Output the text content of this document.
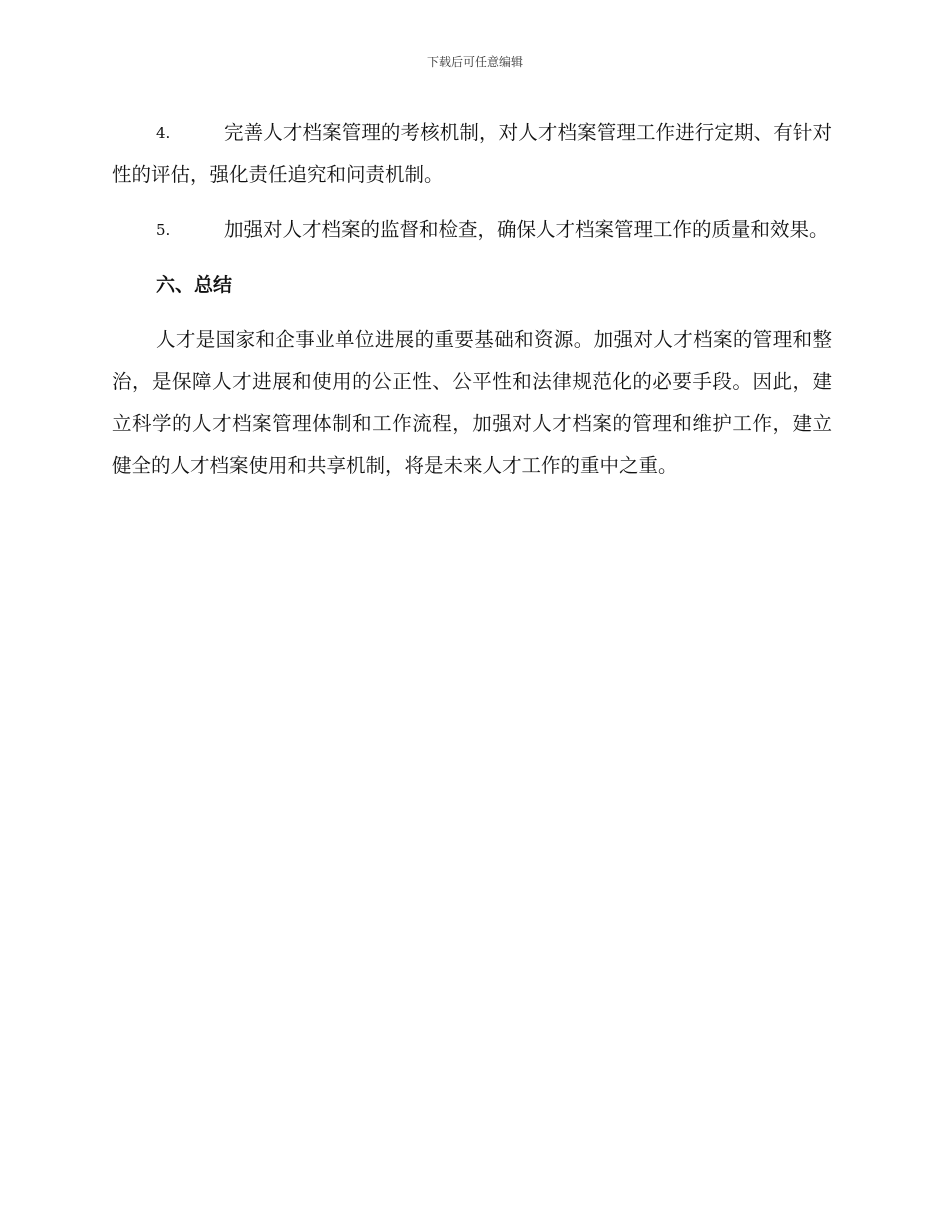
下载后可任意编辑
4.	完善人才档案管理的考核机制，对人才档案管理工作进行定期、有针对性的评估，强化责任追究和问责机制。
5.	加强对人才档案的监督和检查，确保人才档案管理工作的质量和效果。
六、总结

人才是国家和企事业单位进展的重要基础和资源。加强对人才档案的管理和整治，是保障人才进展和使用的公正性、公平性和法律规范化的必要手段。因此，建立科学的人才档案管理体制和工作流程，加强对人才档案的管理和维护工作，建立健全的人才档案使用和共享机制，将是未来人才工作的重中之重。
